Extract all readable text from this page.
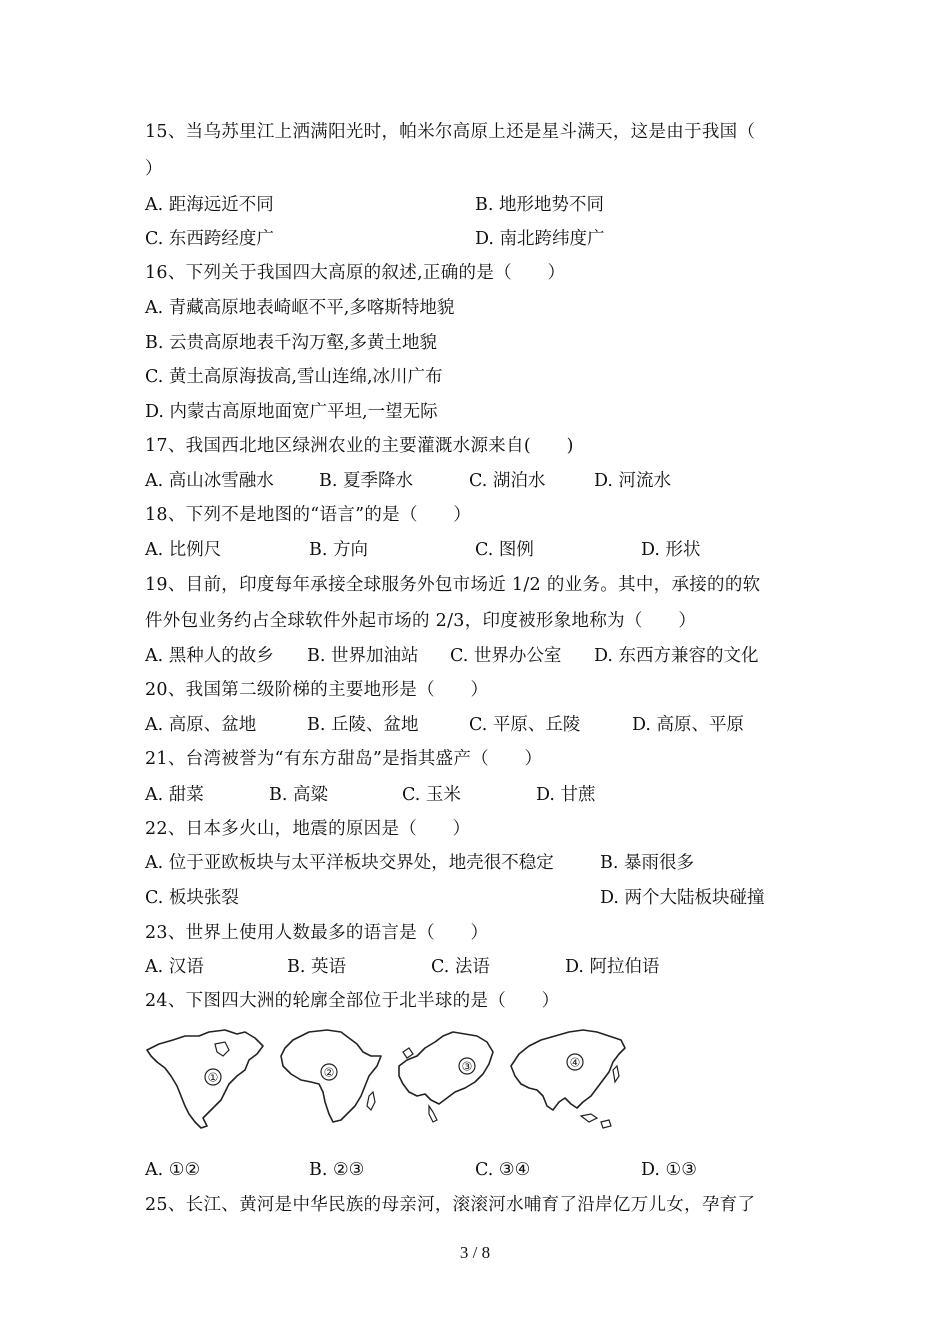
15、当乌苏里江上洒满阳光时，帕米尔高原上还是星斗满天，这是由于我国（
）
A. 距海远近不同	B. 地形地势不同
C. 东西跨经度广	D. 南北跨纬度广
16、下列关于我国四大高原的叙述,正确的是（　　）
A. 青藏高原地表崎岖不平,多喀斯特地貌
B. 云贵高原地表千沟万壑,多黄土地貌
C. 黄土高原海拔高,雪山连绵,冰川广布
D. 内蒙古高原地面宽广平坦,一望无际
17、我国西北地区绿洲农业的主要灌溉水源来自(　　)
A. 高山冰雪融水	B. 夏季降水	C. 湖泊水	D. 河流水
18、下列不是地图的“语言”的是（　　）
A. 比例尺	B. 方向	C. 图例	D. 形状
19、目前，印度每年承接全球服务外包市场近 1/2 的业务。其中，承接的的软
件外包业务约占全球软件外起市场的 2/3，印度被形象地称为（　　）
A. 黑种人的故乡 B. 世界加油站 C. 世界办公室 D. 东西方兼容的文化
20、我国第二级阶梯的主要地形是（　　）
A. 高原、盆地	B. 丘陵、盆地	C. 平原、丘陵	D. 高原、平原
21、台湾被誉为“有东方甜岛”是指其盛产（　　）
A. 甜菜	B. 高粱	C. 玉米	D. 甘蔗
22、日本多火山，地震的原因是（　　）
A. 位于亚欧板块与太平洋板块交界处，地壳很不稳定	B. 暴雨很多
C. 板块张裂	D. 两个大陆板块碰撞
23、世界上使用人数最多的语言是（　　）
A. 汉语	B. 英语	C. 法语	D. 阿拉伯语
24、下图四大洲的轮廓全部位于北半球的是（　　）
①	②	③	④
A. ①②	B. ②③	C. ③④	D. ①③
25、长江、黄河是中华民族的母亲河，滚滚河水哺育了沿岸亿万儿女，孕育了
3 / 8
